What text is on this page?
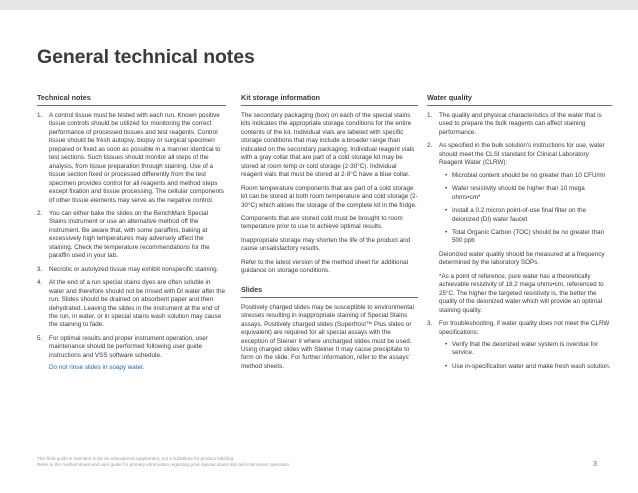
General technical notes
Technical notes
1. A control tissue must be tested with each run. Known positive tissue controls should be utilized for monitoring the correct performance of processed tissues and test reagents. Control tissue should be fresh autopsy, biopsy or surgical specimen prepared or fixed as soon as possible in a manner identical to test sections. Such tissues should monitor all steps of the analysis, from tissue preparation through staining. Use of a tissue section fixed or processed differently from the test specimen provides control for all reagents and method steps except fixation and tissue processing. The cellular components of other tissue elements may serve as the negative control.
2. You can either bake the slides on the BenchMark Special Stains instrument or use an alternative method off the instrument. Be aware that, with some paraffins, baking at excessively high temperatures may adversely affect the staining. Check the temperature recommendations for the paraffin used in your lab.
3. Necrotic or autolyzed tissue may exhibit nonspecific staining.
4. At the end of a run special stains dyes are often soluble in water and therefore should not be rinsed with DI water after the run. Slides should be drained on absorbent paper and then dehydrated. Leaving the slides in the instrument at the end of the run, in water, or in special stains wash solution may cause the staining to fade.
5. For optimal results and proper instrument operation, user maintenance should be performed following user guide instructions and VSS software schedule.
Do not rinse slides in soapy water.
Kit storage information

The secondary packaging (box) on each of the special stains kits indicates the appropriate storage conditions for the entire contents of the kit. Individual vials are labeled with specific storage conditions that may include a broader range than indicated on the secondary packaging. Individual reagent vials with a gray collar that are part of a cold storage kit may be stored at room temp or cold storage (2-30°C). Individual reagent vials that must be stored at 2-8°C have a blue collar.

Room temperature components that are part of a cold storage kit can be stored at both room temperature and cold storage (2-30°C) which allows the storage of the complete kit in the fridge.

Components that are stored cold must be brought to room temperature prior to use to achieve optimal results.

Inappropriate storage may shorten the life of the product and cause unsatisfactory results.

Refer to the latest version of the method sheet for additional guidance on storage conditions.

Slides

Positively charged slides may be susceptible to environmental stresses resulting in inappropriate staining of Special Stains assays. Positively charged slides (Superfrost™ Plus slides or equivalent) are required for all special assays with the exception of Steiner II where uncharged slides must be used. Using charged slides with Steiner II may cause precipitate to form on the slide. For further information, refer to the assays' method sheets.

Water quality
1. The quality and physical characteristics of the water that is used to prepare the bulk reagents can affect staining performance.
2. As specified in the bulk solution's instructions for use, water should meet the CLSI standard for Clinical Laboratory Reagent Water (CLRW):
• Microbial content should be no greater than 10 CFU/ml
• Water resistivity should be higher than 10 mega ohms•cm*
• Install a 0.2 micron point-of-use final filter on the deionized (DI) water faucet
• Total Organic Carbon (TOC) should be no greater than 500 ppb

Deionized water quality should be measured at a frequency determined by the laboratory SOPs.

*As a point of reference, pure water has a theoretically achievable resistivity of 18.2 mega ohms•cm, referenced to 25°C. The higher the targeted resistivity is, the better the quality of the deionized water which will provide an optimal staining quality.

3. For troubleshooting, if water quality does not meet the CLRW specifications:
• Verify that the deionized water system is overdue for service.
• Use in-specification water and make fresh wash solution.
This field guide is intended to be an educational supplement, not a substitute for product labeling.
Refer to the method sheet and user guide for primary information regarding your special stains kits and instrument operation	3
